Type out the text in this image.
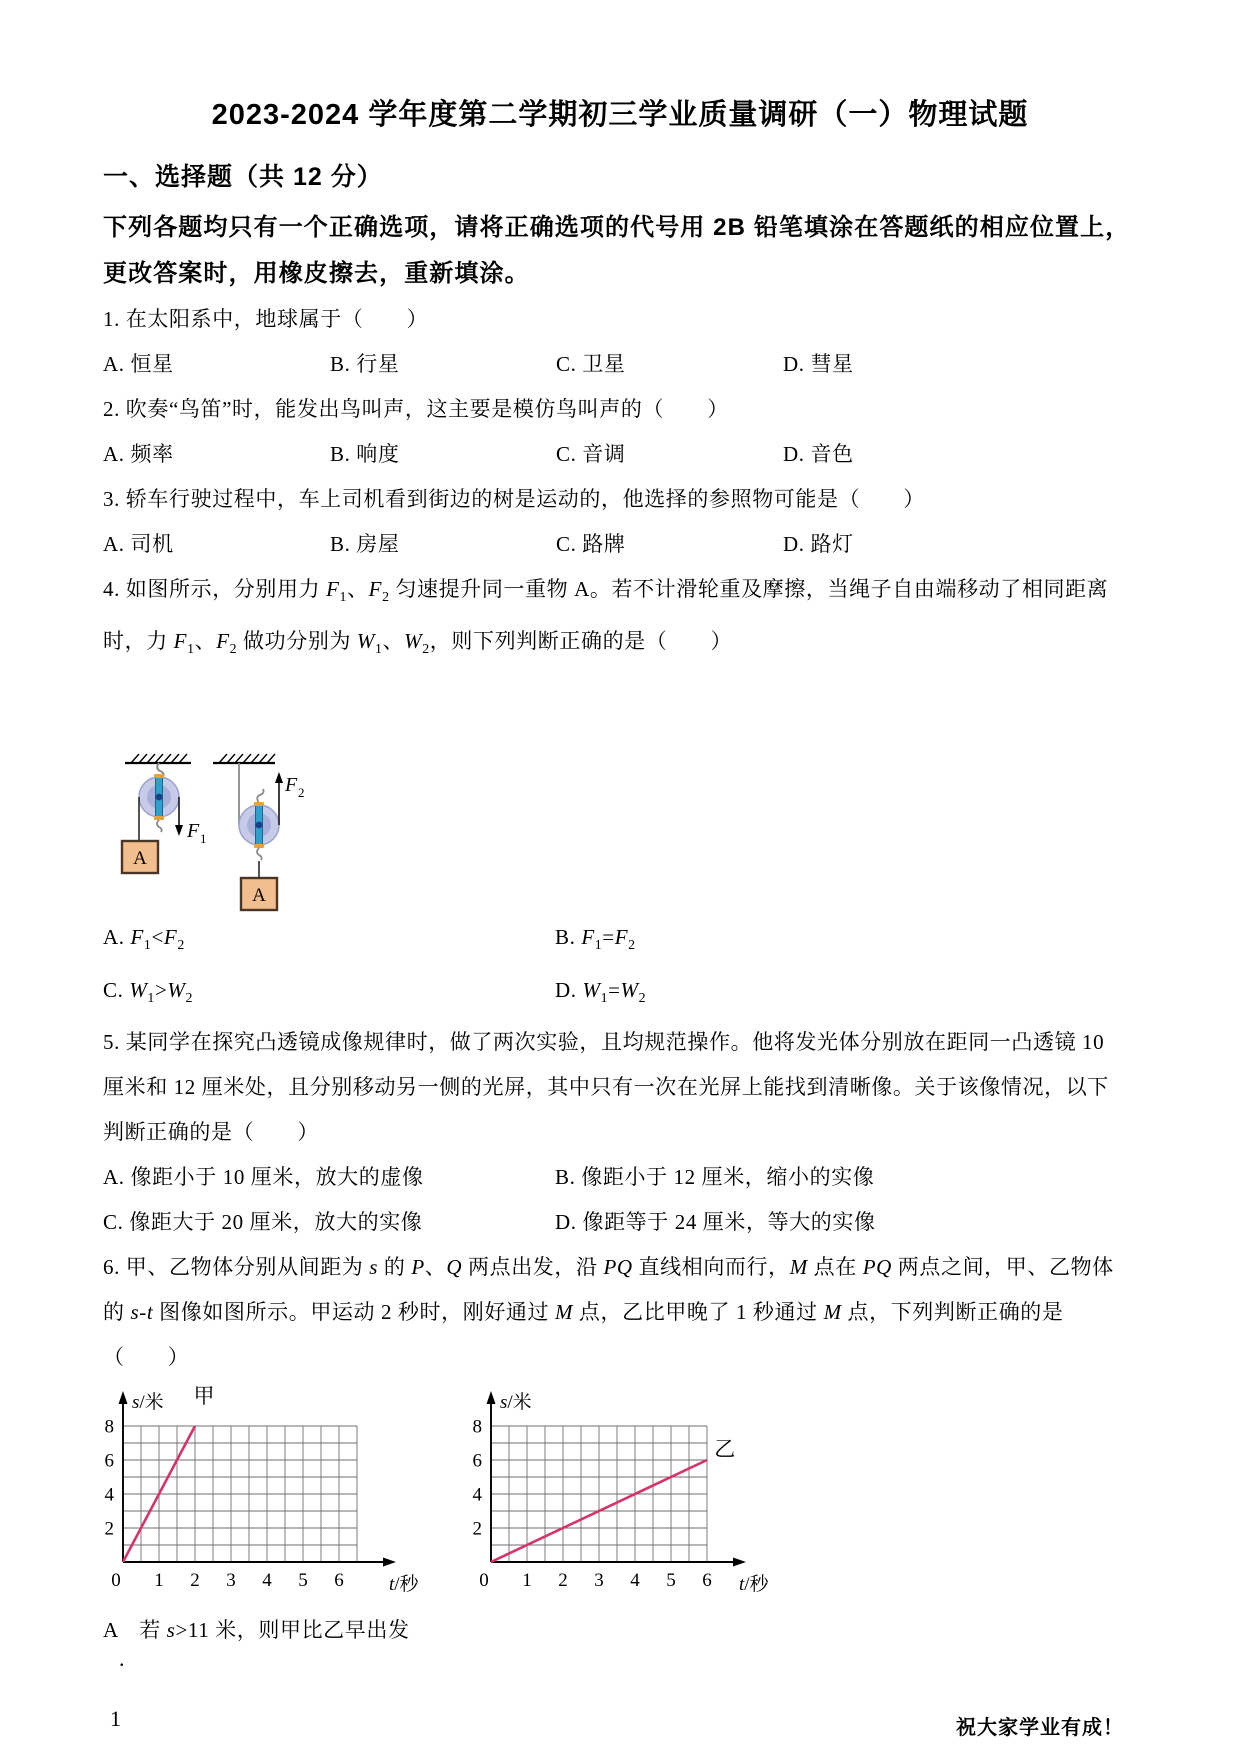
2023-2024 学年度第二学期初三学业质量调研（一）物理试题
一、选择题（共 12 分）
下列各题均只有一个正确选项，请将正确选项的代号用 2B 铅笔填涂在答题纸的相应位置上，
更改答案时，用橡皮擦去，重新填涂。
1. 在太阳系中，地球属于（　　）
A. 恒星	B. 行星	C. 卫星	D. 彗星
2. 吹奏“鸟笛”时，能发出鸟叫声，这主要是模仿鸟叫声的（　　）
A. 频率	B. 响度	C. 音调	D. 音色
3. 轿车行驶过程中，车上司机看到街边的树是运动的，他选择的参照物可能是（　　）
A. 司机	B. 房屋	C. 路牌	D. 路灯
4. 如图所示，分别用力 $F_1$、$F_2$ 匀速提升同一重物 A。若不计滑轮重及摩擦，当绳子自由端移动了相同距离
时，力 $F_1$、$F_2$ 做功分别为 $W_1$、$W_2$，则下列判断正确的是（　　）
F 1
A
F 2
A
A. $F_1<F_2$	B. $F_1=F_2$
C. $W_1>W_2$	D. $W_1=W_2$
5. 某同学在探究凸透镜成像规律时，做了两次实验，且均规范操作。他将发光体分别放在距同一凸透镜 10
厘米和 12 厘米处，且分别移动另一侧的光屏，其中只有一次在光屏上能找到清晰像。关于该像情况，以下
判断正确的是（　　）
A. 像距小于 10 厘米，放大的虚像	B. 像距小于 12 厘米，缩小的实像
C. 像距大于 20 厘米，放大的实像	D. 像距等于 24 厘米，等大的实像
6. 甲、乙物体分别从间距为 s 的 P、Q 两点出发，沿 PQ 直线相向而行，M 点在 PQ 两点之间，甲、乙物体
的 s-t 图像如图所示。甲运动 2 秒时，刚好通过 M 点，乙比甲晚了 1 秒通过 M 点，下列判断正确的是（　　）
0 1 2 3 4 5 6
2
4
6
8
s/米
t/秒
甲
0 1 2 3 4 5 6
2
4
6
8
s/米
t/秒
乙
A　若 s>11 米，则甲比乙早出发
.
1	祝大家学业有成！
